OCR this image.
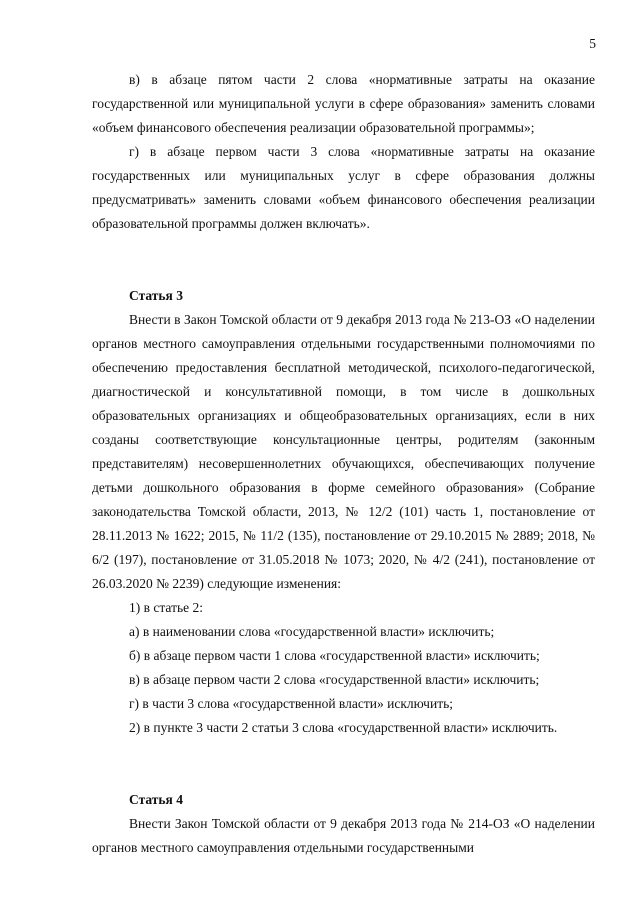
5

в) в абзаце пятом части 2 слова «нормативные затраты на оказание государственной или муниципальной услуги в сфере образования» заменить словами «объем финансового обеспечения реализации образовательной программы»;

г) в абзаце первом части 3 слова «нормативные затраты на оказание государственных или муниципальных услуг в сфере образования должны предусматривать» заменить словами «объем финансового обеспечения реализации образовательной программы должен включать».

Статья 3

Внести в Закон Томской области от 9 декабря 2013 года № 213-ОЗ «О наделении органов местного самоуправления отдельными государственными полномочиями по обеспечению предоставления бесплатной методической, психолого-педагогической, диагностической и консультативной помощи, в том числе в дошкольных образовательных организациях и общеобразовательных организациях, если в них созданы соответствующие консультационные центры, родителям (законным представителям) несовершеннолетних обучающихся, обеспечивающих получение детьми дошкольного образования в форме семейного образования» (Собрание законодательства Томской области, 2013, № 12/2 (101) часть 1, постановление от 28.11.2013 № 1622; 2015, № 11/2 (135), постановление от 29.10.2015 № 2889; 2018, № 6/2 (197), постановление от 31.05.2018 № 1073; 2020, № 4/2 (241), постановление от 26.03.2020 № 2239) следующие изменения:

1) в статье 2:

а) в наименовании слова «государственной власти» исключить;

б) в абзаце первом части 1 слова «государственной власти» исключить;

в) в абзаце первом части 2 слова «государственной власти» исключить;

г) в части 3 слова «государственной власти» исключить;

2) в пункте 3 части 2 статьи 3 слова «государственной власти» исключить.

Статья 4

Внести Закон Томской области от 9 декабря 2013 года № 214-ОЗ «О наделении органов местного самоуправления отдельными государственными
